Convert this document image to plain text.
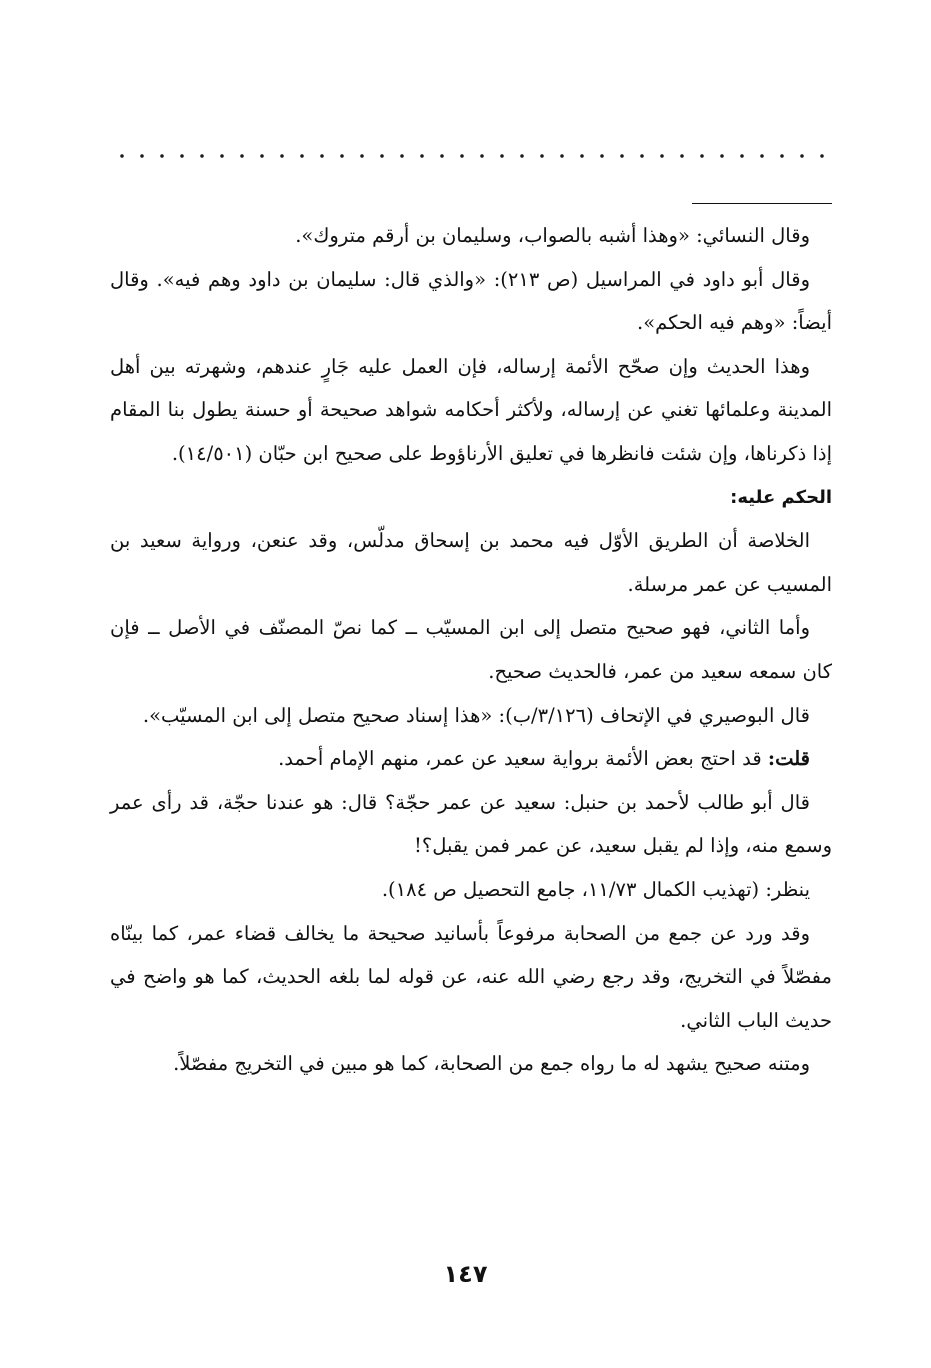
وقال النسائي: «وهذا أشبه بالصواب، وسليمان بن أرقم متروك».

وقال أبو داود في المراسيل (ص ٢١٣): «والذي قال: سليمان بن داود وهم فيه». وقال أيضاً: «وهم فيه الحكم».

وهذا الحديث وإن صحّح الأئمة إرساله، فإن العمل عليه جَارٍ عندهم، وشهرته بين أهل المدينة وعلمائها تغني عن إرساله، ولأكثر أحكامه شواهد صحيحة أو حسنة يطول بنا المقام إذا ذكرناها، وإن شئت فانظرها في تعليق الأرناؤوط على صحيح ابن حبّان (١٤/٥٠١).

الحكم عليه:

الخلاصة أن الطريق الأوّل فيه محمد بن إسحاق مدلّس، وقد عنعن، ورواية سعيد بن المسيب عن عمر مرسلة.

وأما الثاني، فهو صحيح متصل إلى ابن المسيّب ــ كما نصّ المصنّف في الأصل ــ فإن كان سمعه سعيد من عمر، فالحديث صحيح.

قال البوصيري في الإتحاف (٣/١٢٦/ب): «هذا إسناد صحيح متصل إلى ابن المسيّب».

قلت: قد احتج بعض الأئمة برواية سعيد عن عمر، منهم الإمام أحمد.

قال أبو طالب لأحمد بن حنبل: سعيد عن عمر حجّة؟ قال: هو عندنا حجّة، قد رأى عمر وسمع منه، وإذا لم يقبل سعيد، عن عمر فمن يقبل؟!

ينظر: (تهذيب الكمال ١١/٧٣، جامع التحصيل ص ١٨٤).

وقد ورد عن جمع من الصحابة مرفوعاً بأسانيد صحيحة ما يخالف قضاء عمر، كما بينّاه مفصّلاً في التخريج، وقد رجع رضي الله عنه، عن قوله لما بلغه الحديث، كما هو واضح في حديث الباب الثاني.

ومتنه صحيح يشهد له ما رواه جمع من الصحابة، كما هو مبين في التخريج مفصّلاً.

١٤٧
